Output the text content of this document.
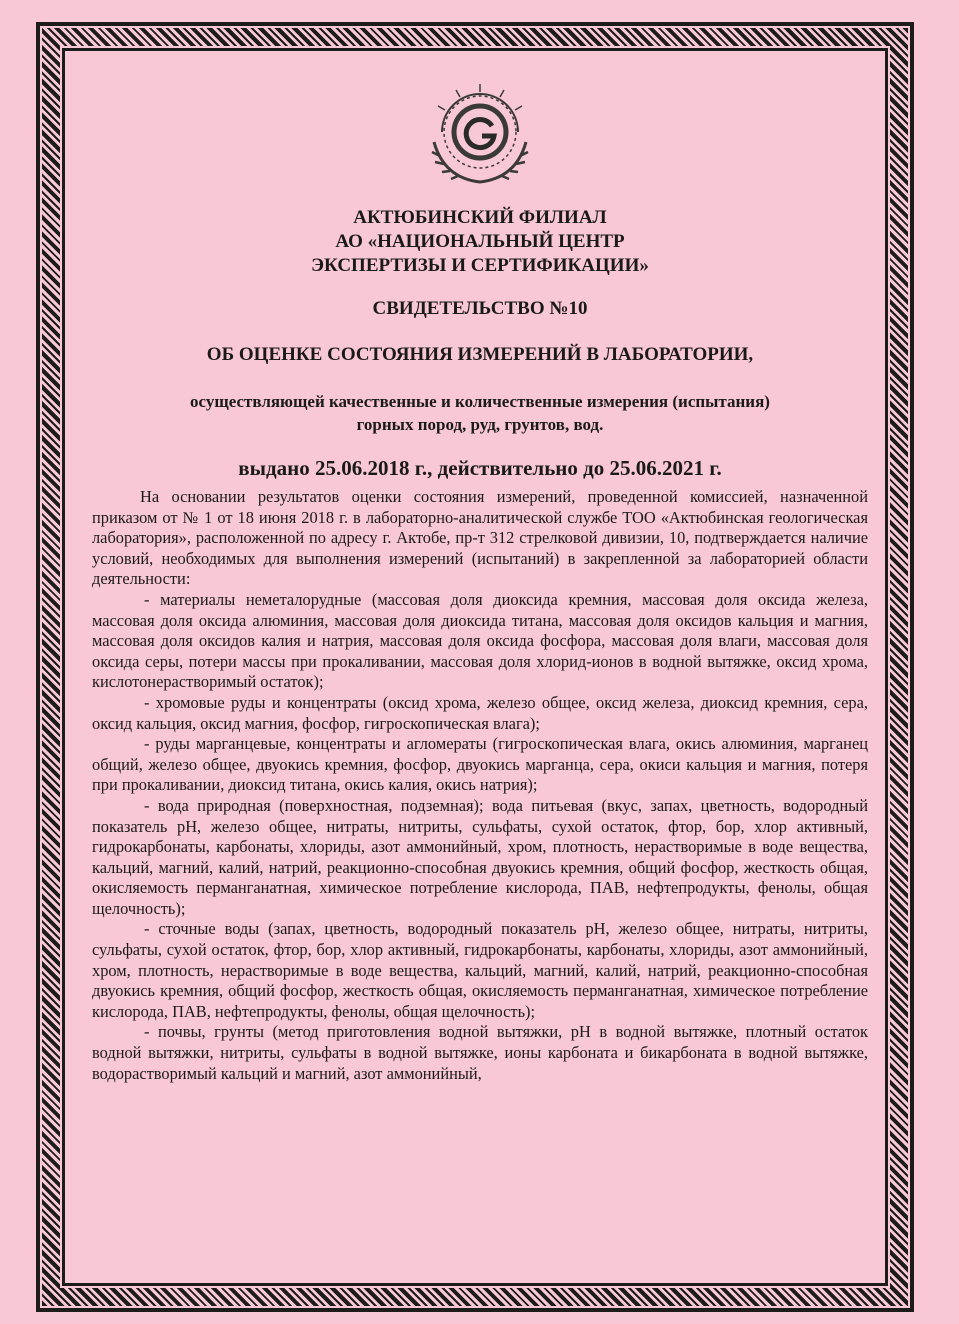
АКТЮБИНСКИЙ ФИЛИАЛ
АО «НАЦИОНАЛЬНЫЙ ЦЕНТР
ЭКСПЕРТИЗЫ И СЕРТИФИКАЦИИ»
СВИДЕТЕЛЬСТВО №10
ОБ ОЦЕНКЕ СОСТОЯНИЯ ИЗМЕРЕНИЙ В ЛАБОРАТОРИИ,
осуществляющей качественные и количественные измерения (испытания)
горных пород, руд, грунтов, вод.
выдано 25.06.2018 г., действительно до 25.06.2021 г.

На основании результатов оценки состояния измерений, проведенной комиссией, назначенной приказом от № 1 от 18 июня 2018 г. в лабораторно-аналитической службе ТОО «Актюбинская геологическая лаборатория», расположенной по адресу г. Актобе, пр-т 312 стрелковой дивизии, 10, подтверждается наличие условий, необходимых для выполнения измерений (испытаний) в закрепленной за лабораторией области деятельности:

- материалы неметалорудные (массовая доля диоксида кремния, массовая доля оксида железа, массовая доля оксида алюминия, массовая доля диоксида титана, массовая доля оксидов кальция и магния, массовая доля оксидов калия и натрия, массовая доля оксида фосфора, массовая доля влаги, массовая доля оксида серы, потери массы при прокаливании, массовая доля хлорид-ионов в водной вытяжке, оксид хрома, кислотонерастворимый остаток);

- хромовые руды и концентраты (оксид хрома, железо общее, оксид железа, диоксид кремния, сера, оксид кальция, оксид магния, фосфор, гигроскопическая влага);

- руды марганцевые, концентраты и агломераты (гигроскопическая влага, окись алюминия, марганец общий, железо общее, двуокись кремния, фосфор, двуокись марганца, сера, окиси кальция и магния, потеря при прокаливании, диоксид титана, окись калия, окись натрия);

- вода природная (поверхностная, подземная); вода питьевая (вкус, запах, цветность, водородный показатель рН, железо общее, нитраты, нитриты, сульфаты, сухой остаток, фтор, бор, хлор активный, гидрокарбонаты, карбонаты, хлориды, азот аммонийный, хром, плотность, нерастворимые в воде вещества, кальций, магний, калий, натрий, реакционно-способная двуокись кремния, общий фосфор, жесткость общая, окисляемость перманганатная, химическое потребление кислорода, ПАВ, нефтепродукты, фенолы, общая щелочность);

- сточные воды (запах, цветность, водородный показатель рН, железо общее, нитраты, нитриты, сульфаты, сухой остаток, фтор, бор, хлор активный, гидрокарбонаты, карбонаты, хлориды, азот аммонийный, хром, плотность, нерастворимые в воде вещества, кальций, магний, калий, натрий, реакционно-способная двуокись кремния, общий фосфор, жесткость общая, окисляемость перманганатная, химическое потребление кислорода, ПАВ, нефтепродукты, фенолы, общая щелочность);

- почвы, грунты (метод приготовления водной вытяжки, рН в водной вытяжке, плотный остаток водной вытяжки, нитриты, сульфаты в водной вытяжке, ионы карбоната и бикарбоната в водной вытяжке, водорастворимый кальций и магний, азот аммонийный,
